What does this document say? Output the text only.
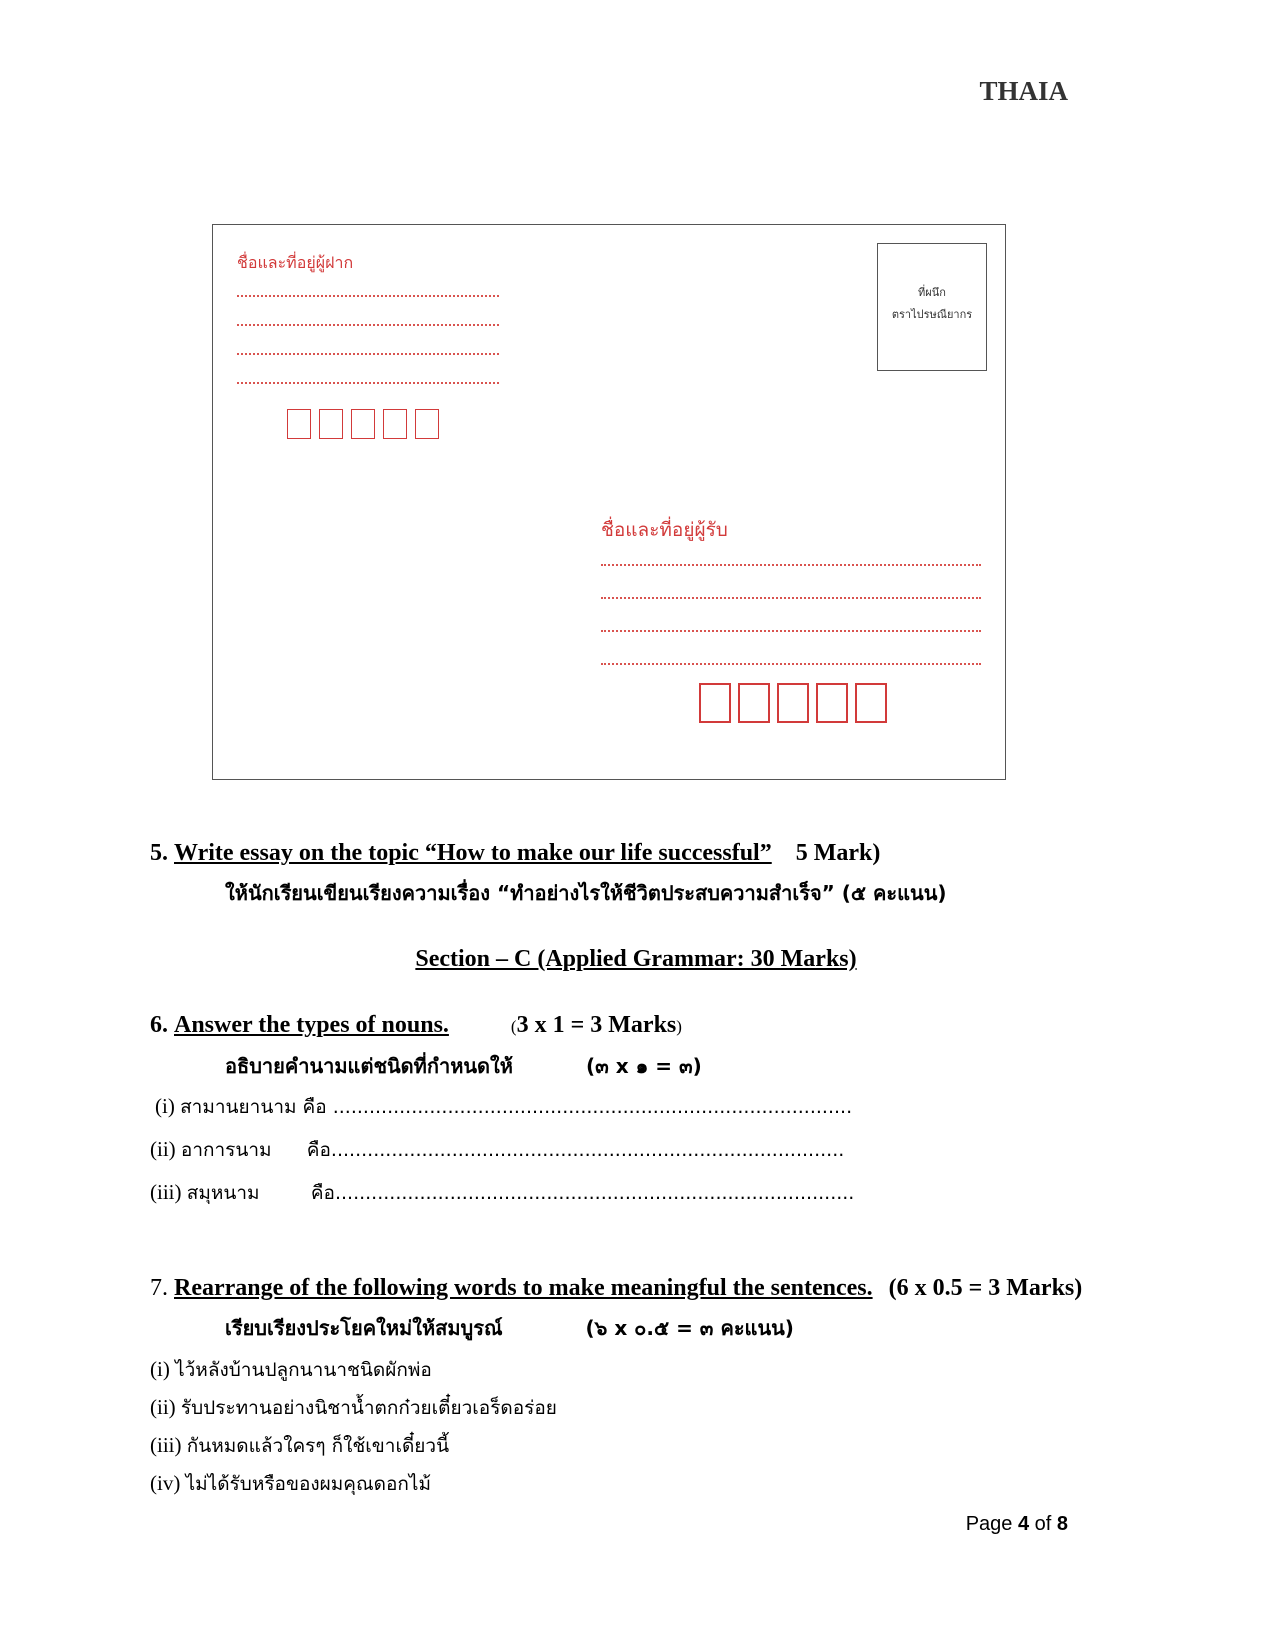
THAIA
ชื่อและที่อยู่ผู้ฝาก
ที่ผนึก
ตราไปรษณียากร
ชื่อและที่อยู่ผู้รับ
5. Write essay on the topic “How to make our life successful” 5 Mark)
ให้นักเรียนเขียนเรียงความเรื่อง “ทำอย่างไรให้ชีวิตประสบความสำเร็จ” (๕ คะแนน)
Section – C (Applied Grammar: 30 Marks)
6. Answer the types of nouns.	(3 x 1 = 3 Marks)
อธิบายคำนามแต่ชนิดที่กำหนดให้	(๓ x ๑ = ๓)
(i) สามานยานาม คือ ......................................................................................
(ii) อาการนาม คือ.....................................................................................
(iii) สมุหนาม	คือ......................................................................................
7. Rearrange of the following words to make meaningful the sentences. (6 x 0.5 = 3 Marks)
เรียบเรียงประโยคใหม่ให้สมบูรณ์	(๖ x ๐.๕ = ๓ คะแนน)
(i) ไว้หลังบ้านปลูกนานาชนิดผักพ่อ
(ii) รับประทานอย่างนิชาน้ำตกก๋วยเตี๋ยวเอร็ดอร่อย
(iii) กันหมดแล้วใครๆ ก็ใช้เขาเดี๋ยวนี้
(iv) ไม่ได้รับหรือของผมคุณดอกไม้
Page 4 of 8
